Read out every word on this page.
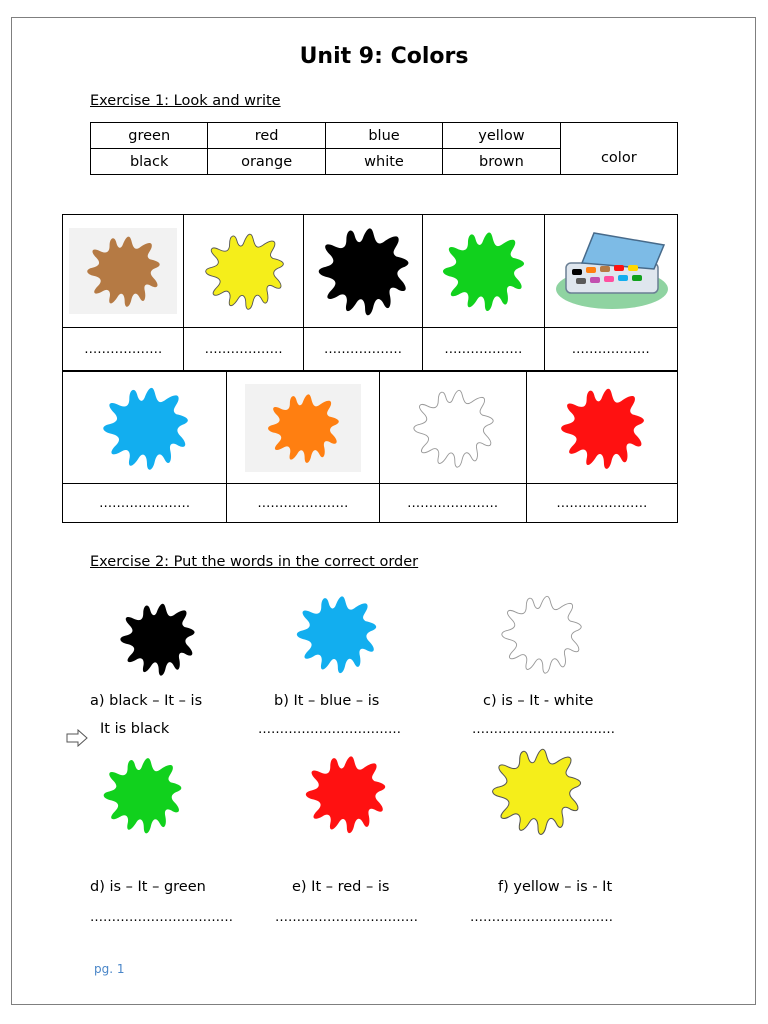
Unit 9: Colors
Exercise 1: Look and write
green	red	blue	yellow	color
black	orange	white	brown	

………………	………………	………………	………………	………………

…………………	…………………	…………………	…………………
Exercise 2: Put the words in the correct order
a) black – It – is	b) It – blue – is	c) is – It - white
It is black	……………………………	……………………………
d) is – It – green	e) It – red – is	f) yellow – is - It
……………………………	……………………………	……………………………
pg. 1
